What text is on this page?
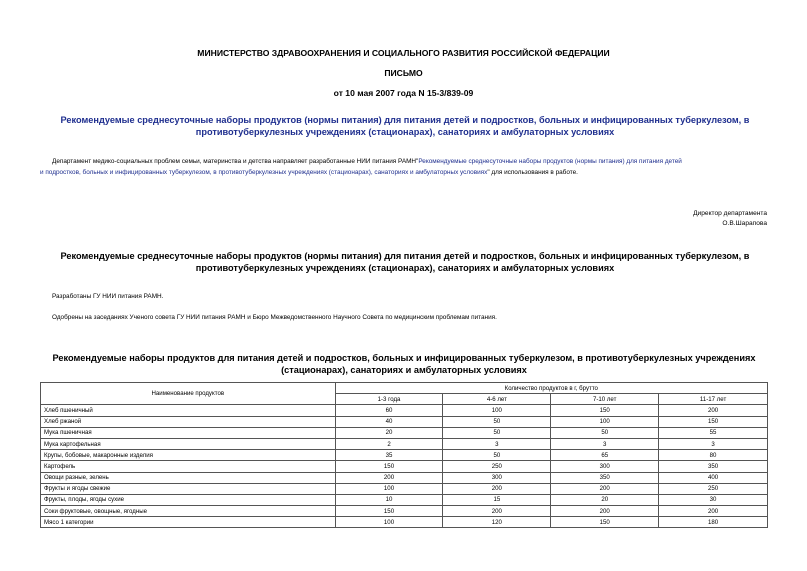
МИНИСТЕРСТВО ЗДРАВООХРАНЕНИЯ И СОЦИАЛЬНОГО РАЗВИТИЯ РОССИЙСКОЙ ФЕДЕРАЦИИ
ПИСЬМО
от 10 мая 2007 года N 15-3/839-09
Рекомендуемые среднесуточные наборы продуктов (нормы питания) для питания детей и подростков, больных и инфицированных туберкулезом, в
противотуберкулезных учреждениях (стационарах), санаториях и амбулаторных условиях
Департамент медико-социальных проблем семьи, материнства и детства направляет разработанные НИИ питания РАМН"Рекомендуемые среднесуточные наборы продуктов (нормы питания) для питания детей
и подростков, больных и инфицированных туберкулезом, в противотуберкулезных учреждениях (стационарах), санаториях и амбулаторных условиях" для использования в работе.
Директор департамента
О.В.Шарапова
Рекомендуемые среднесуточные наборы продуктов (нормы питания) для питания детей и подростков, больных и инфицированных туберкулезом, в
противотуберкулезных учреждениях (стационарах), санаториях и амбулаторных условиях
Разработаны ГУ НИИ питания РАМН.
Одобрены на заседаниях Ученого совета ГУ НИИ питания РАМН и Бюро Межведомственного Научного Совета по медицинским проблемам питания.
Рекомендуемые наборы продуктов для питания детей и подростков, больных и инфицированных туберкулезом, в противотуберкулезных учреждениях
(стационарах), санаториях и амбулаторных условиях
Наименование продуктов	Количество продуктов в г, брутто			
	1-3 года	4-6 лет	7-10 лет	11-17 лет
Хлеб пшеничный	60	100	150	200
Хлеб ржаной	40	50	100	150
Мука пшеничная	20	50	50	55
Мука картофельная	2	3	3	3
Крупы, бобовые, макаронные изделия	35	50	65	80
Картофель	150	250	300	350
Овощи разные, зелень	200	300	350	400
Фрукты и ягоды свежие	100	200	200	250
Фрукты, плоды, ягоды сухие	10	15	20	30
Соки фруктовые, овощные, ягодные	150	200	200	200
Мясо 1 категории	100	120	150	180
